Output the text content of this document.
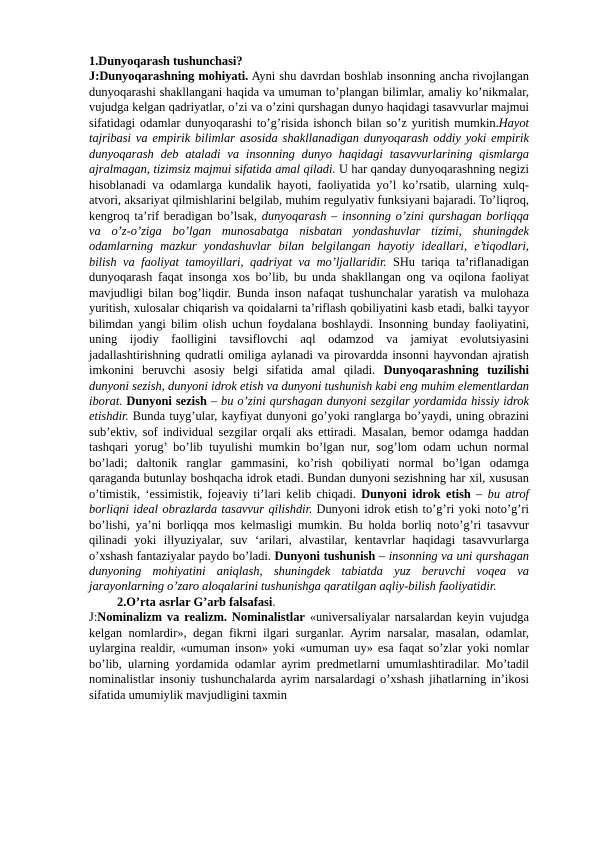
1.Dunyoqarash tushunchasi?

J:Dunyoqarashning mohiyati. Ayni shu davrdan boshlab insonning ancha rivojlangan dunyoqarashi shakllangani haqida va umuman to’plangan bilimlar, amaliy ko’nikmalar, vujudga kelgan qadriyatlar, o’zi va o’zini qurshagan dunyo haqidagi tasavvurlar majmui sifatidagi odamlar dunyoqarashi to’g’risida ishonch bilan so’z yuritish mumkin.Hayot tajribasi va empirik bilimlar asosida shakllanadigan dunyoqarash oddiy yoki empirik dunyoqarash deb ataladi va insonning dunyo haqidagi tasavvurlarining qismlarga ajralmagan, tizimsiz majmui sifatida amal qiladi. U har qanday dunyoqarashning negizi hisoblanadi va odamlarga kundalik hayoti, faoliyatida yo’l ko’rsatib, ularning xulq-atvori, aksariyat qilmishlarini belgilab, muhim regulyativ funksiyani bajaradi. To’liqroq, kengroq ta’rif beradigan bo’lsak, dunyoqarash – insonning o’zini qurshagan borliqqa va o’z-o’ziga bo’lgan munosabatga nisbatan yondashuvlar tizimi, shuningdek odamlarning mazkur yondashuvlar bilan belgilangan hayotiy ideallari, e’tiqodlari, bilish va faoliyat tamoyillari, qadriyat va mo’ljallaridir. SHu tariqa ta’riflanadigan dunyoqarash faqat insonga xos bo’lib, bu unda shakllangan ong va oqilona faoliyat mavjudligi bilan bog’liqdir. Bunda inson nafaqat tushunchalar yaratish va mulohaza yuritish, xulosalar chiqarish va qoidalarni ta’riflash qobiliyatini kasb etadi, balki tayyor bilimdan yangi bilim olish uchun foydalana boshlaydi. Insonning bunday faoliyatini, uning ijodiy faolligini tavsiflovchi aql odamzod va jamiyat evolutsiyasini jadallashtirishning qudratli omiliga aylanadi va pirovardda insonni hayvondan ajratish imkonini beruvchi asosiy belgi sifatida amal qiladi. Dunyoqarashning tuzilishi dunyoni sezish, dunyoni idrok etish va dunyoni tushunish kabi eng muhim elementlardan iborat. Dunyoni sezish – bu o’zini qurshagan dunyoni sezgilar yordamida hissiy idrok etishdir. Bunda tuyg’ular, kayfiyat dunyoni go’yoki ranglarga bo’yaydi, uning obrazini sub’ektiv, sof individual sezgilar orqali aks ettiradi. Masalan, bemor odamga haddan tashqari yorug’ bo’lib tuyulishi mumkin bo’lgan nur, sog’lom odam uchun normal bo’ladi; daltonik ranglar gammasini, ko’rish qobiliyati normal bo’lgan odamga qaraganda butunlay boshqacha idrok etadi. Bundan dunyoni sezishning har xil, xususan o’timistik, ‘essimistik, fojeaviy ti’lari kelib chiqadi. Dunyoni idrok etish – bu atrof borliqni ideal obrazlarda tasavvur qilishdir. Dunyoni idrok etish to’g’ri yoki noto’g’ri bo’lishi, ya’ni borliqqa mos kelmasligi mumkin. Bu holda borliq noto’g’ri tasavvur qilinadi yoki illyuziyalar, suv ‘arilari, alvastilar, kentavrlar haqidagi tasavvurlarga o’xshash fantaziyalar paydo bo’ladi. Dunyoni tushunish – insonning va uni qurshagan dunyoning mohiyatini aniqlash, shuningdek tabiatda yuz beruvchi voqea va jarayonlarning o’zaro aloqalarini tushunishga qaratilgan aqliy-bilish faoliyatidir.

2.O’rta asrlar G’arb falsafasi.

J:Nominalizm va realizm. Nominalistlar «universaliyalar narsalardan keyin vujudga kelgan nomlardir», degan fikrni ilgari surganlar. Ayrim narsalar, masalan, odamlar, uylargina realdir, «umuman inson» yoki «umuman uy» esa faqat so’zlar yoki nomlar bo’lib, ularning yordamida odamlar ayrim predmetlarni umumlashtiradilar. Mo’tadil nominalistlar insoniy tushunchalarda ayrim narsalardagi o’xshash jihatlarning in’ikosi sifatida umumiylik mavjudligini taxmin
